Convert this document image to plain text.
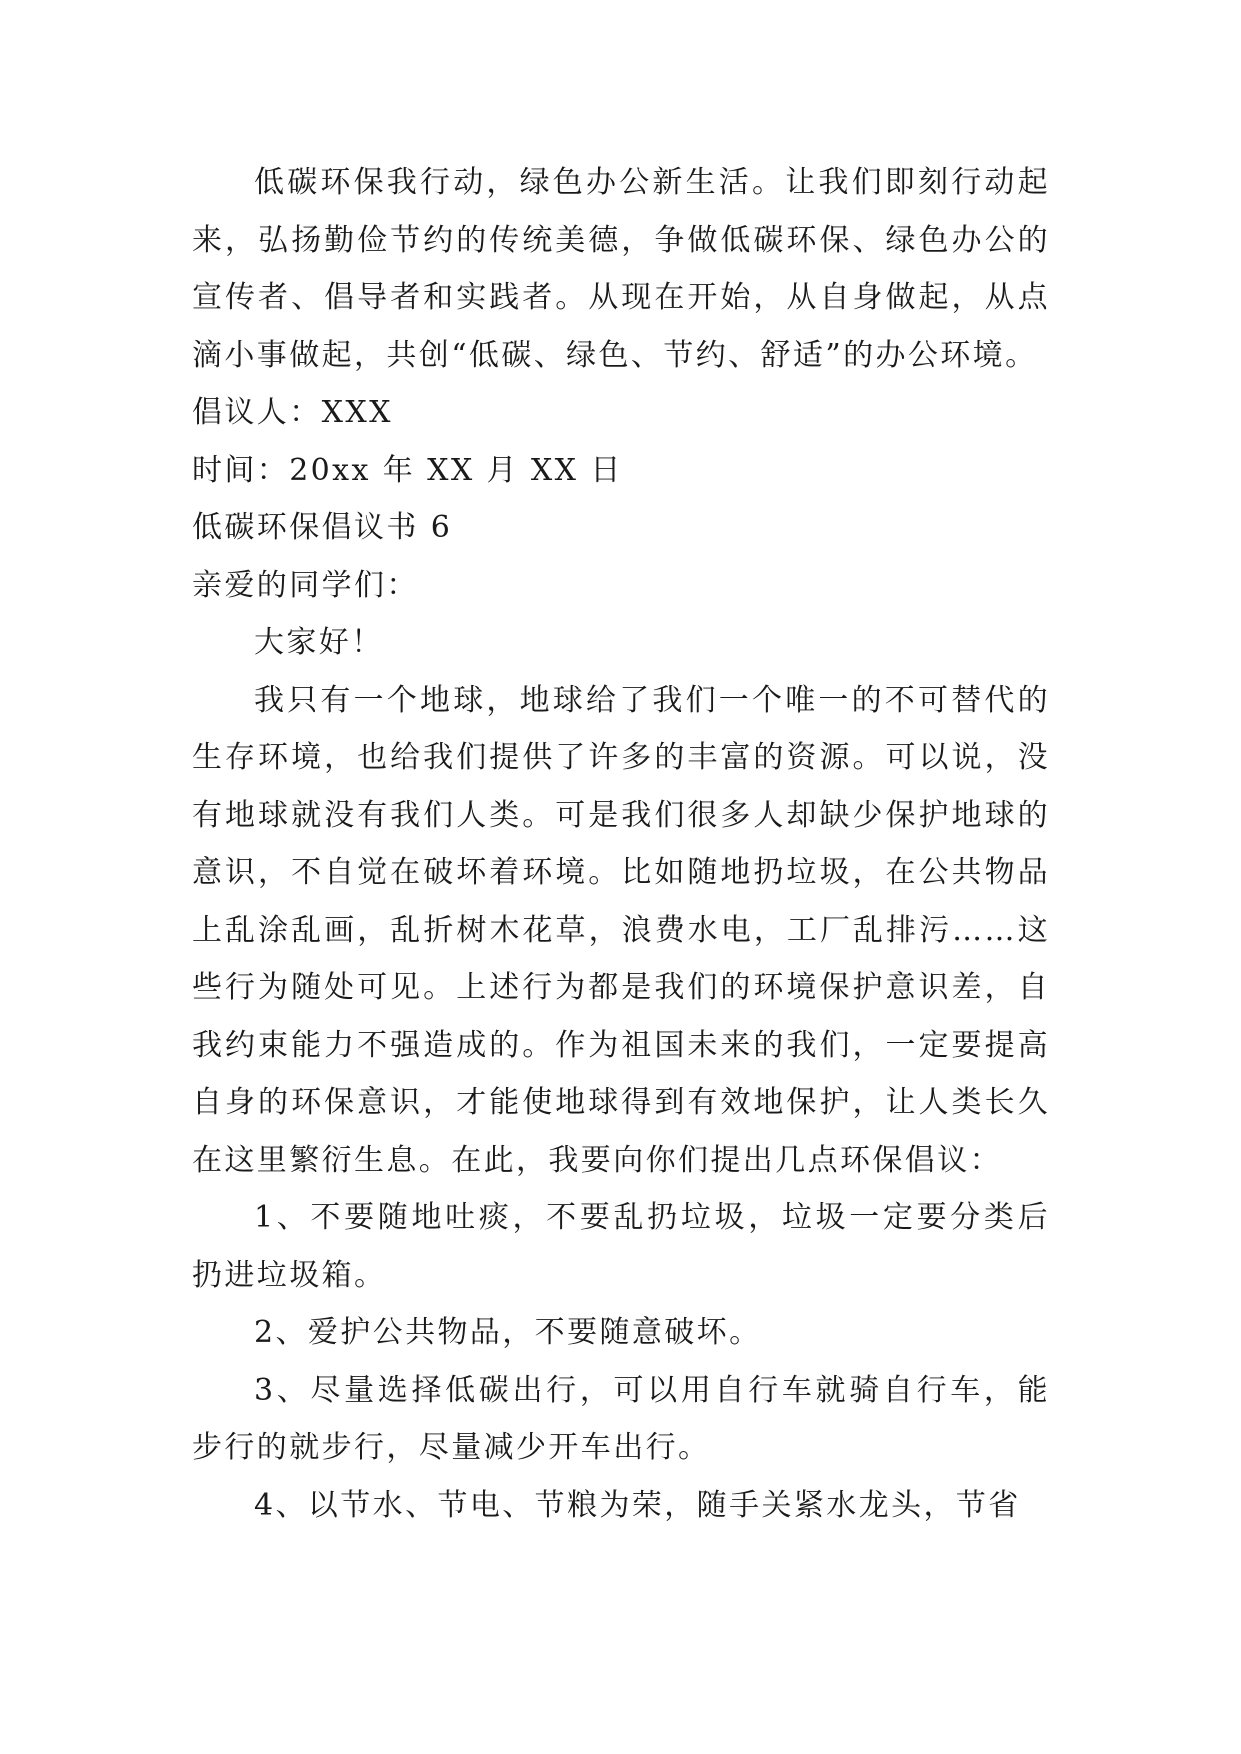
低碳环保我行动，绿色办公新生活。让我们即刻行动起来，弘扬勤俭节约的传统美德，争做低碳环保、绿色办公的宣传者、倡导者和实践者。从现在开始，从自身做起，从点滴小事做起，共创“低碳、绿色、节约、舒适”的办公环境。

倡议人：XXX

时间：20xx 年 XX 月 XX 日

低碳环保倡议书 6

亲爱的同学们：

大家好！

我只有一个地球，地球给了我们一个唯一的不可替代的生存环境，也给我们提供了许多的丰富的资源。可以说，没有地球就没有我们人类。可是我们很多人却缺少保护地球的意识，不自觉在破坏着环境。比如随地扔垃圾，在公共物品上乱涂乱画，乱折树木花草，浪费水电，工厂乱排污……这些行为随处可见。上述行为都是我们的环境保护意识差，自我约束能力不强造成的。作为祖国未来的我们，一定要提高自身的环保意识，才能使地球得到有效地保护，让人类长久在这里繁衍生息。在此，我要向你们提出几点环保倡议：

1、不要随地吐痰，不要乱扔垃圾，垃圾一定要分类后扔进垃圾箱。

2、爱护公共物品，不要随意破坏。

3、尽量选择低碳出行，可以用自行车就骑自行车，能步行的就步行，尽量减少开车出行。

4、以节水、节电、节粮为荣，随手关紧水龙头，节省
